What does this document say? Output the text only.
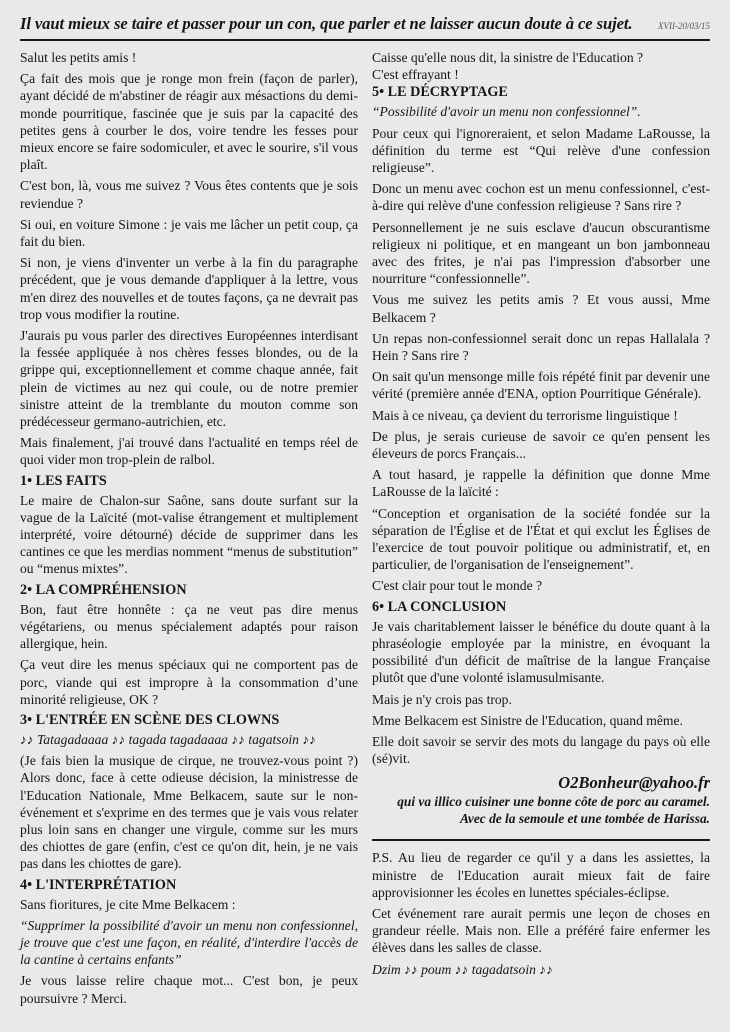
Il vaut mieux se taire et passer pour un con, que parler et ne laisser aucun doute à ce sujet.	XVII-20/03/15

Salut les petits amis !

Ça fait des mois que je ronge mon frein (façon de parler), ayant décidé de m'abstiner de réagir aux mésactions du demi-monde pourritique, fascinée que je suis par la capacité des petites gens à courber le dos, voire tendre les fesses pour mieux encore se faire sodomiculer, et avec le sourire, s'il vous plaît.

C'est bon, là, vous me suivez ? Vous êtes contents que je sois reviendue ?

Si oui, en voiture Simone : je vais me lâcher un petit coup, ça fait du bien.

Si non, je viens d'inventer un verbe à la fin du paragraphe précédent, que je vous demande d'appliquer à la lettre, vous m'en direz des nouvelles et de toutes façons, ça ne devrait pas trop vous modifier la routine.

J'aurais pu vous parler des directives Européennes interdisant la fessée appliquée à nos chères fesses blondes, ou de la grippe qui, exceptionnellement et comme chaque année, fait plein de victimes au nez qui coule, ou de notre premier sinistre atteint de la tremblante du mouton comme son prédécesseur germano-autrichien, etc.

Mais finalement, j'ai trouvé dans l'actualité en temps réel de quoi vider mon trop-plein de ralbol.

1• LES FAITS

Le maire de Chalon-sur Saône, sans doute surfant sur la vague de la Laïcité (mot-valise étrangement et multiplement interprété, voire détourné) décide de supprimer dans les cantines ce que les merdias nomment “menus de substitution” ou “menus mixtes”.

2• LA COMPRÉHENSION

Bon, faut être honnête : ça ne veut pas dire menus végétariens, ou menus spécialement adaptés pour raison allergique, hein.

Ça veut dire les menus spéciaux qui ne comportent pas de porc, viande qui est impropre à la consommation d’une minorité religieuse, OK ?

3• L'ENTRÉE EN SCÈNE DES CLOWNS

♪♪ Tatagadaaaa ♪♪ tagada tagadaaaa ♪♪ tagatsoin ♪♪

(Je fais bien la musique de cirque, ne trouvez-vous point ?) Alors donc, face à cette odieuse décision, la ministresse de l'Education Nationale, Mme Belkacem, saute sur le non-événement et s'exprime en des termes que je vais vous relater plus loin sans en changer une virgule, comme sur les murs des chiottes de gare (enfin, c'est ce qu'on dit, hein, je ne vais pas dans les chiottes de gare).

4• L'INTERPRÉTATION

Sans fioritures, je cite Mme Belkacem :

“Supprimer la possibilité d'avoir un menu non confessionnel, je trouve que c'est une façon, en réalité, d'interdire l'accès de la cantine à certains enfants”

Je vous laisse relire chaque mot... C'est bon, je peux poursuivre ? Merci.

Caisse qu'elle nous dit, la sinistre de l'Education ?

C'est effrayant !

5• LE DÉCRYPTAGE

“Possibilité d'avoir un menu non confessionnel”.

Pour ceux qui l'ignoreraient, et selon Madame LaRousse, la définition du terme est “Qui relève d'une confession religieuse”.

Donc un menu avec cochon est un menu confessionnel, c'est-à-dire qui relève d'une confession religieuse ? Sans rire ?

Personnellement je ne suis esclave d'aucun obscurantisme religieux ni politique, et en mangeant un bon jambonneau avec des frites, je n'ai pas l'impression d'absorber une nourriture “confessionnelle”.

Vous me suivez les petits amis ? Et vous aussi, Mme Belkacem ?

Un repas non-confessionnel serait donc un repas Hallalala ? Hein ? Sans rire ?

On sait qu'un mensonge mille fois répété finit par devenir une vérité (première année d'ENA, option Pourritique Générale).

Mais à ce niveau, ça devient du terrorisme linguistique !

De plus, je serais curieuse de savoir ce qu'en pensent les éleveurs de porcs Français...

A tout hasard, je rappelle la définition que donne Mme LaRousse de la laïcité :

“Conception et organisation de la société fondée sur la séparation de l'Église et de l'État et qui exclut les Églises de l'exercice de tout pouvoir politique ou administratif, et, en particulier, de l'organisation de l'enseignement”.

C'est clair pour tout le monde ?

6• LA CONCLUSION

Je vais charitablement laisser le bénéfice du doute quant à la phraséologie employée par la ministre, en évoquant la possibilité d'un déficit de maîtrise de la langue Française plutôt que d'une volonté islamusulmisante.

Mais je n'y crois pas trop.

Mme Belkacem est Sinistre de l'Education, quand même.

Elle doit savoir se servir des mots du langage du pays où elle (sé)vit.

O2Bonheur@yahoo.fr
qui va illico cuisiner une bonne côte de porc au caramel.
Avec de la semoule et une tombée de Harissa.

P.S. Au lieu de regarder ce qu'il y a dans les assiettes, la ministre de l'Education aurait mieux fait de faire approvisionner les écoles en lunettes spéciales-éclipse.

Cet événement rare aurait permis une leçon de choses en grandeur réelle. Mais non. Elle a préféré faire enfermer les élèves dans les salles de classe.

Dzim ♪♪ poum ♪♪ tagadatsoin ♪♪
